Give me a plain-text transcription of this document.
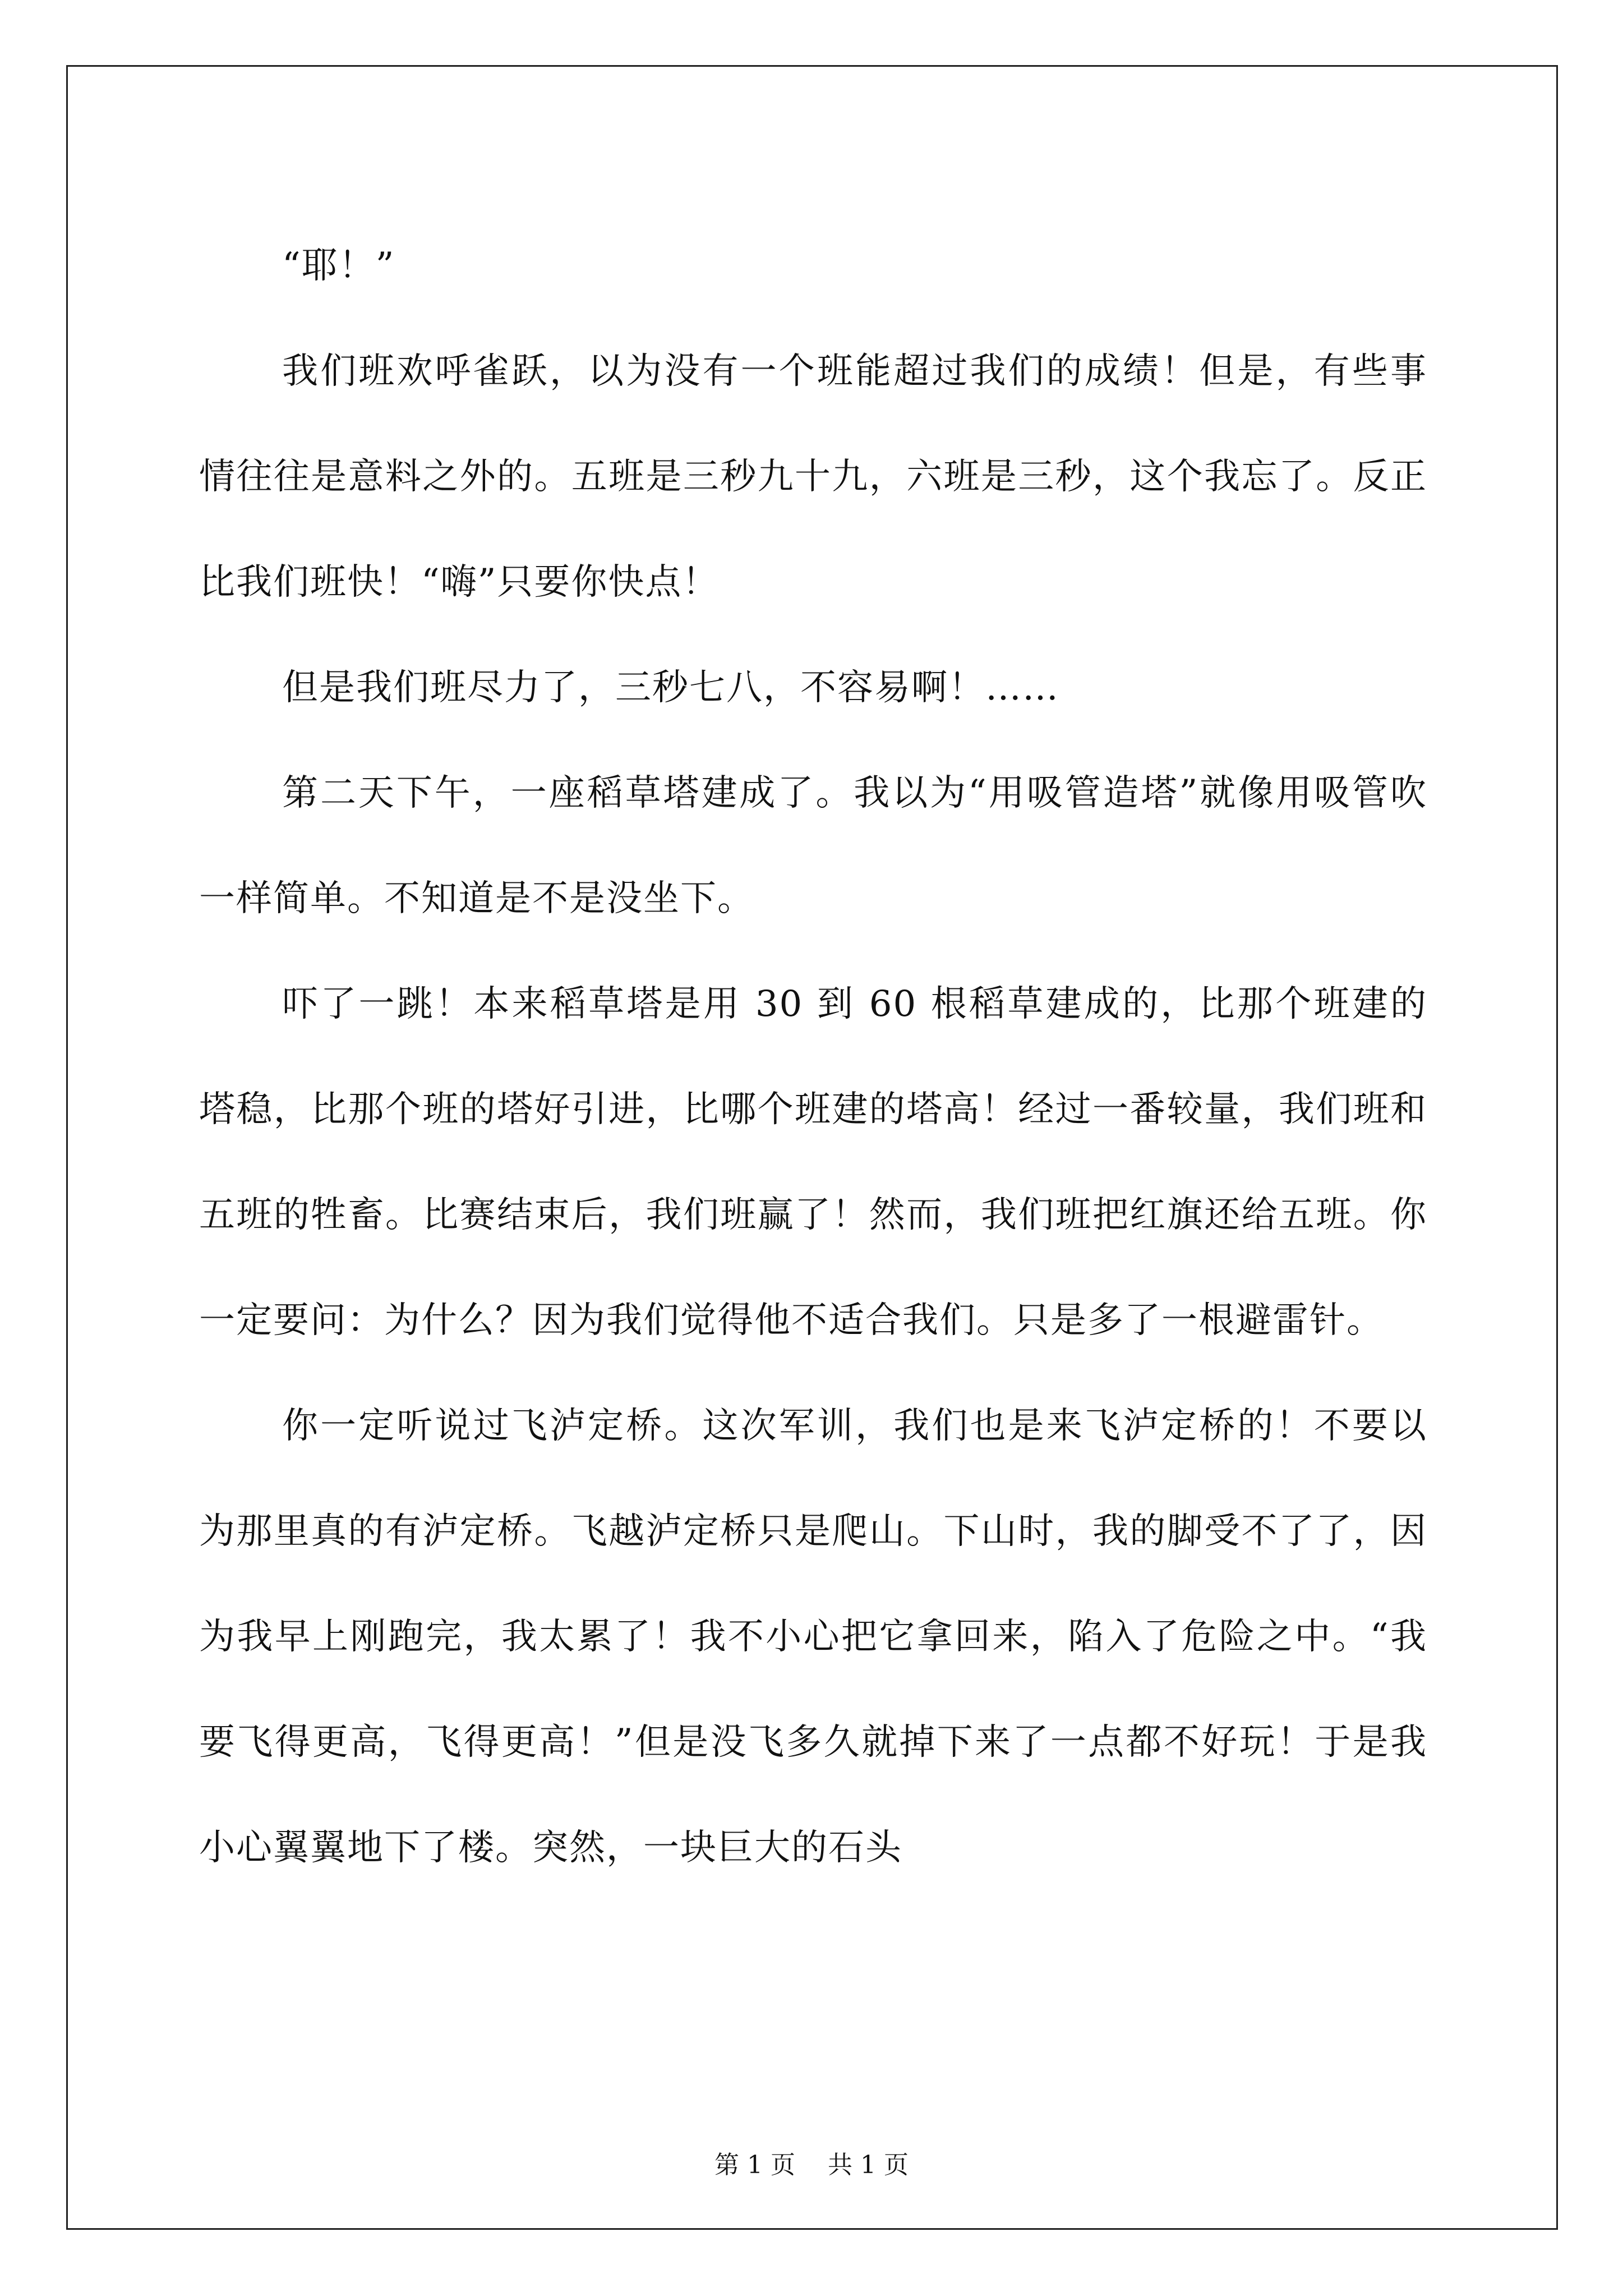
“耶！”

我们班欢呼雀跃，以为没有一个班能超过我们的成绩！但是，有些事情往往是意料之外的。五班是三秒九十九，六班是三秒，这个我忘了。反正比我们班快！“嗨”只要你快点！

但是我们班尽力了，三秒七八，不容易啊！……

第二天下午，一座稻草塔建成了。我以为“用吸管造塔”就像用吸管吹一样简单。不知道是不是没坐下。

吓了一跳！本来稻草塔是用 30 到 60 根稻草建成的，比那个班建的塔稳，比那个班的塔好引进，比哪个班建的塔高！经过一番较量，我们班和五班的牲畜。比赛结束后，我们班赢了！然而，我们班把红旗还给五班。你一定要问：为什么？因为我们觉得他不适合我们。只是多了一根避雷针。

你一定听说过飞泸定桥。这次军训，我们也是来飞泸定桥的！不要以为那里真的有泸定桥。飞越泸定桥只是爬山。下山时，我的脚受不了了，因为我早上刚跑完，我太累了！我不小心把它拿回来，陷入了危险之中。“我要飞得更高，飞得更高！”但是没飞多久就掉下来了一点都不好玩！于是我小心翼翼地下了楼。突然，一块巨大的石头

第 1 页 共 1 页
